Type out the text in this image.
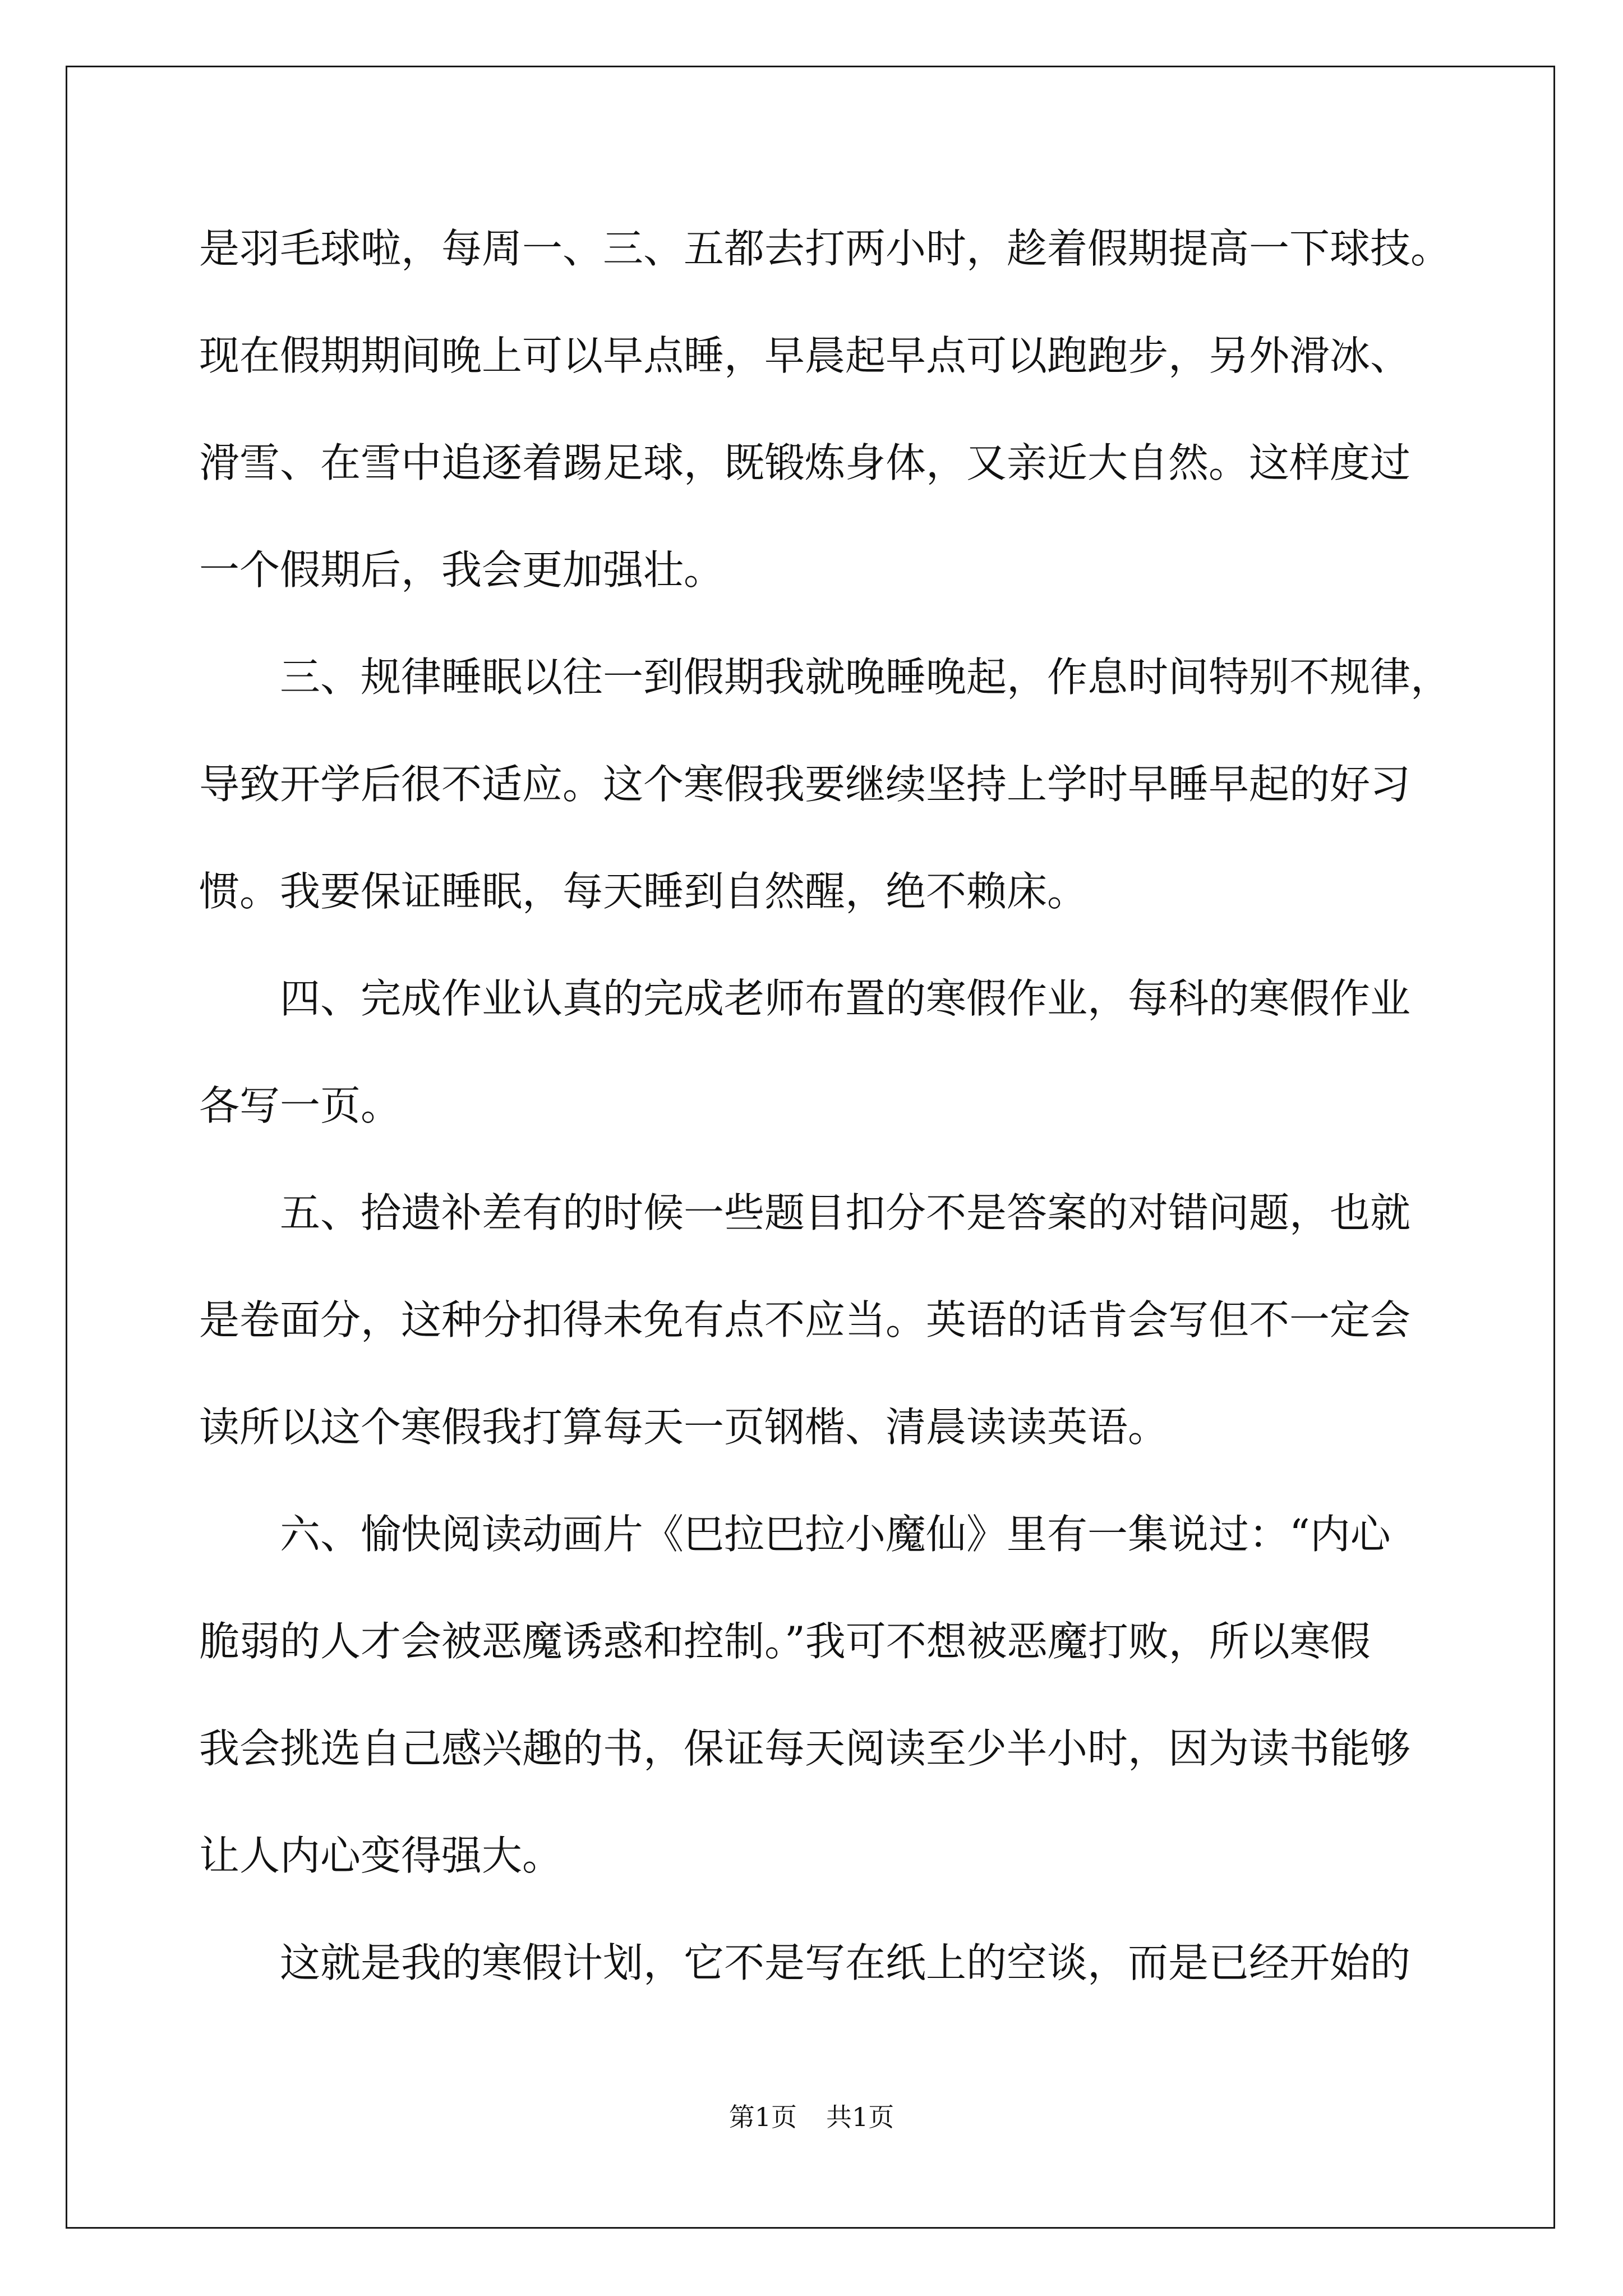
是羽毛球啦，每周一、三、五都去打两小时，趁着假期提高一下球技。
现在假期期间晚上可以早点睡，早晨起早点可以跑跑步，另外滑冰、
滑雪、在雪中追逐着踢足球，既锻炼身体，又亲近大自然。这样度过
一个假期后，我会更加强壮。
三、规律睡眠以往一到假期我就晚睡晚起，作息时间特别不规律，
导致开学后很不适应。这个寒假我要继续坚持上学时早睡早起的好习
惯。我要保证睡眠，每天睡到自然醒，绝不赖床。
四、完成作业认真的完成老师布置的寒假作业，每科的寒假作业
各写一页。
五、拾遗补差有的时候一些题目扣分不是答案的对错问题，也就
是卷面分，这种分扣得未免有点不应当。英语的话肯会写但不一定会
读所以这个寒假我打算每天一页钢楷、清晨读读英语。
六、愉快阅读动画片《巴拉巴拉小魔仙》里有一集说过：“内心
脆弱的人才会被恶魔诱惑和控制。”我可不想被恶魔打败，所以寒假
我会挑选自己感兴趣的书，保证每天阅读至少半小时，因为读书能够
让人内心变得强大。
这就是我的寒假计划，它不是写在纸上的空谈，而是已经开始的
第1页 共1页
